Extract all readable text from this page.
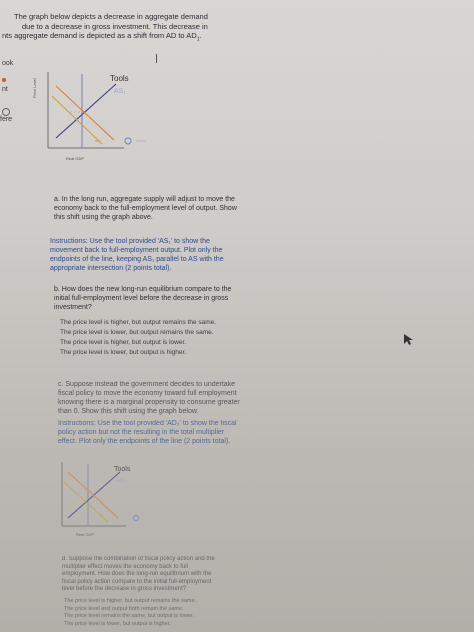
The graph below depicts a decrease in aggregate demand
due to a decrease in gross investment. This decrease in
nts aggregate demand is depicted as a shift from AD to $AD_1$.
ook
nt
fere
Price Level
Real GDP
Tools
AS₁
a. In the long run, aggregate supply will adjust to move the
economy back to the full-employment level of output. Show
this shift using the graph above.
Instructions: Use the tool provided 'AS₁' to show the
movement back to full-employment output. Plot only the
endpoints of the line, keeping AS₁ parallel to AS with the
appropriate intersection (2 points total).
b. How does the new long-run equilibrium compare to the
initial full-employment level before the decrease in gross
investment?
The price level is higher, but output remains the same.
The price level is lower, but output remains the same.
The price level is higher, but output is lower.
The price level is lower, but output is higher.
c. Suppose instead the government decides to undertake
fiscal policy to move the economy toward full employment
knowing there is a marginal propensity to consume greater
than 0. Show this shift using the graph below.
Instructions: Use the tool provided 'AD₂' to show the fiscal
policy action but not the resulting in the total multiplier
effect. Plot only the endpoints of the line (2 points total).
Real GDP
Tools
AD₂
d. Suppose the combination of fiscal policy action and the
multiplier effect moves the economy back to full
employment. How does the long-run equilibrium with the
fiscal policy action compare to the initial full-employment
level before the decrease in gross investment?
The price level is higher, but output remains the same.
The price level and output both remain the same.
The price level remains the same, but output is lower.
The price level is lower, but output is higher.
